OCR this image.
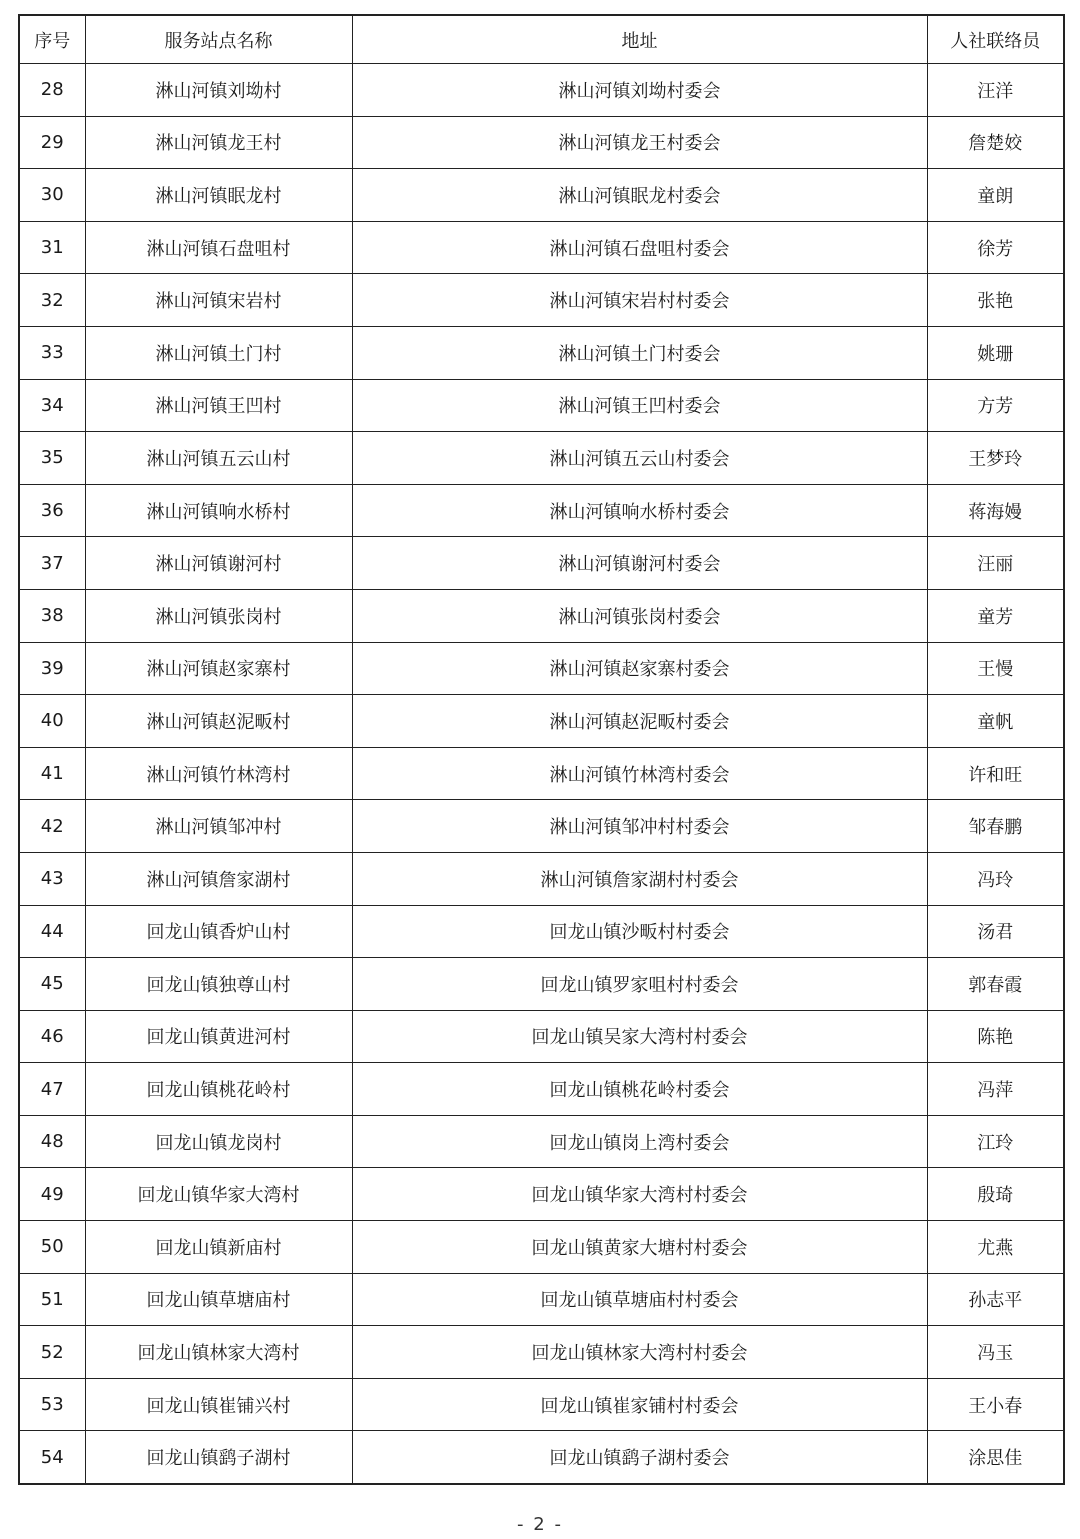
序号	服务站点名称	地址	人社联络员
28	淋山河镇刘坳村	淋山河镇刘坳村委会	汪洋
29	淋山河镇龙王村	淋山河镇龙王村委会	詹楚姣
30	淋山河镇眠龙村	淋山河镇眠龙村委会	童朗
31	淋山河镇石盘咀村	淋山河镇石盘咀村委会	徐芳
32	淋山河镇宋岩村	淋山河镇宋岩村村委会	张艳
33	淋山河镇土门村	淋山河镇土门村委会	姚珊
34	淋山河镇王凹村	淋山河镇王凹村委会	方芳
35	淋山河镇五云山村	淋山河镇五云山村委会	王梦玲
36	淋山河镇响水桥村	淋山河镇响水桥村委会	蒋海嫚
37	淋山河镇谢河村	淋山河镇谢河村委会	汪丽
38	淋山河镇张岗村	淋山河镇张岗村委会	童芳
39	淋山河镇赵家寨村	淋山河镇赵家寨村委会	王慢
40	淋山河镇赵泥畈村	淋山河镇赵泥畈村委会	童帆
41	淋山河镇竹林湾村	淋山河镇竹林湾村委会	许和旺
42	淋山河镇邹冲村	淋山河镇邹冲村村委会	邹春鹏
43	淋山河镇詹家湖村	淋山河镇詹家湖村村委会	冯玲
44	回龙山镇香炉山村	回龙山镇沙畈村村委会	汤君
45	回龙山镇独尊山村	回龙山镇罗家咀村村委会	郭春霞
46	回龙山镇黄进河村	回龙山镇吴家大湾村村委会	陈艳
47	回龙山镇桃花岭村	回龙山镇桃花岭村委会	冯萍
48	回龙山镇龙岗村	回龙山镇岗上湾村委会	江玲
49	回龙山镇华家大湾村	回龙山镇华家大湾村村委会	殷琦
50	回龙山镇新庙村	回龙山镇黄家大塘村村委会	尤燕
51	回龙山镇草塘庙村	回龙山镇草塘庙村村委会	孙志平
52	回龙山镇林家大湾村	回龙山镇林家大湾村村委会	冯玉
53	回龙山镇崔铺兴村	回龙山镇崔家铺村村委会	王小春
54	回龙山镇鹞子湖村	回龙山镇鹞子湖村委会	涂思佳
- 2 -
